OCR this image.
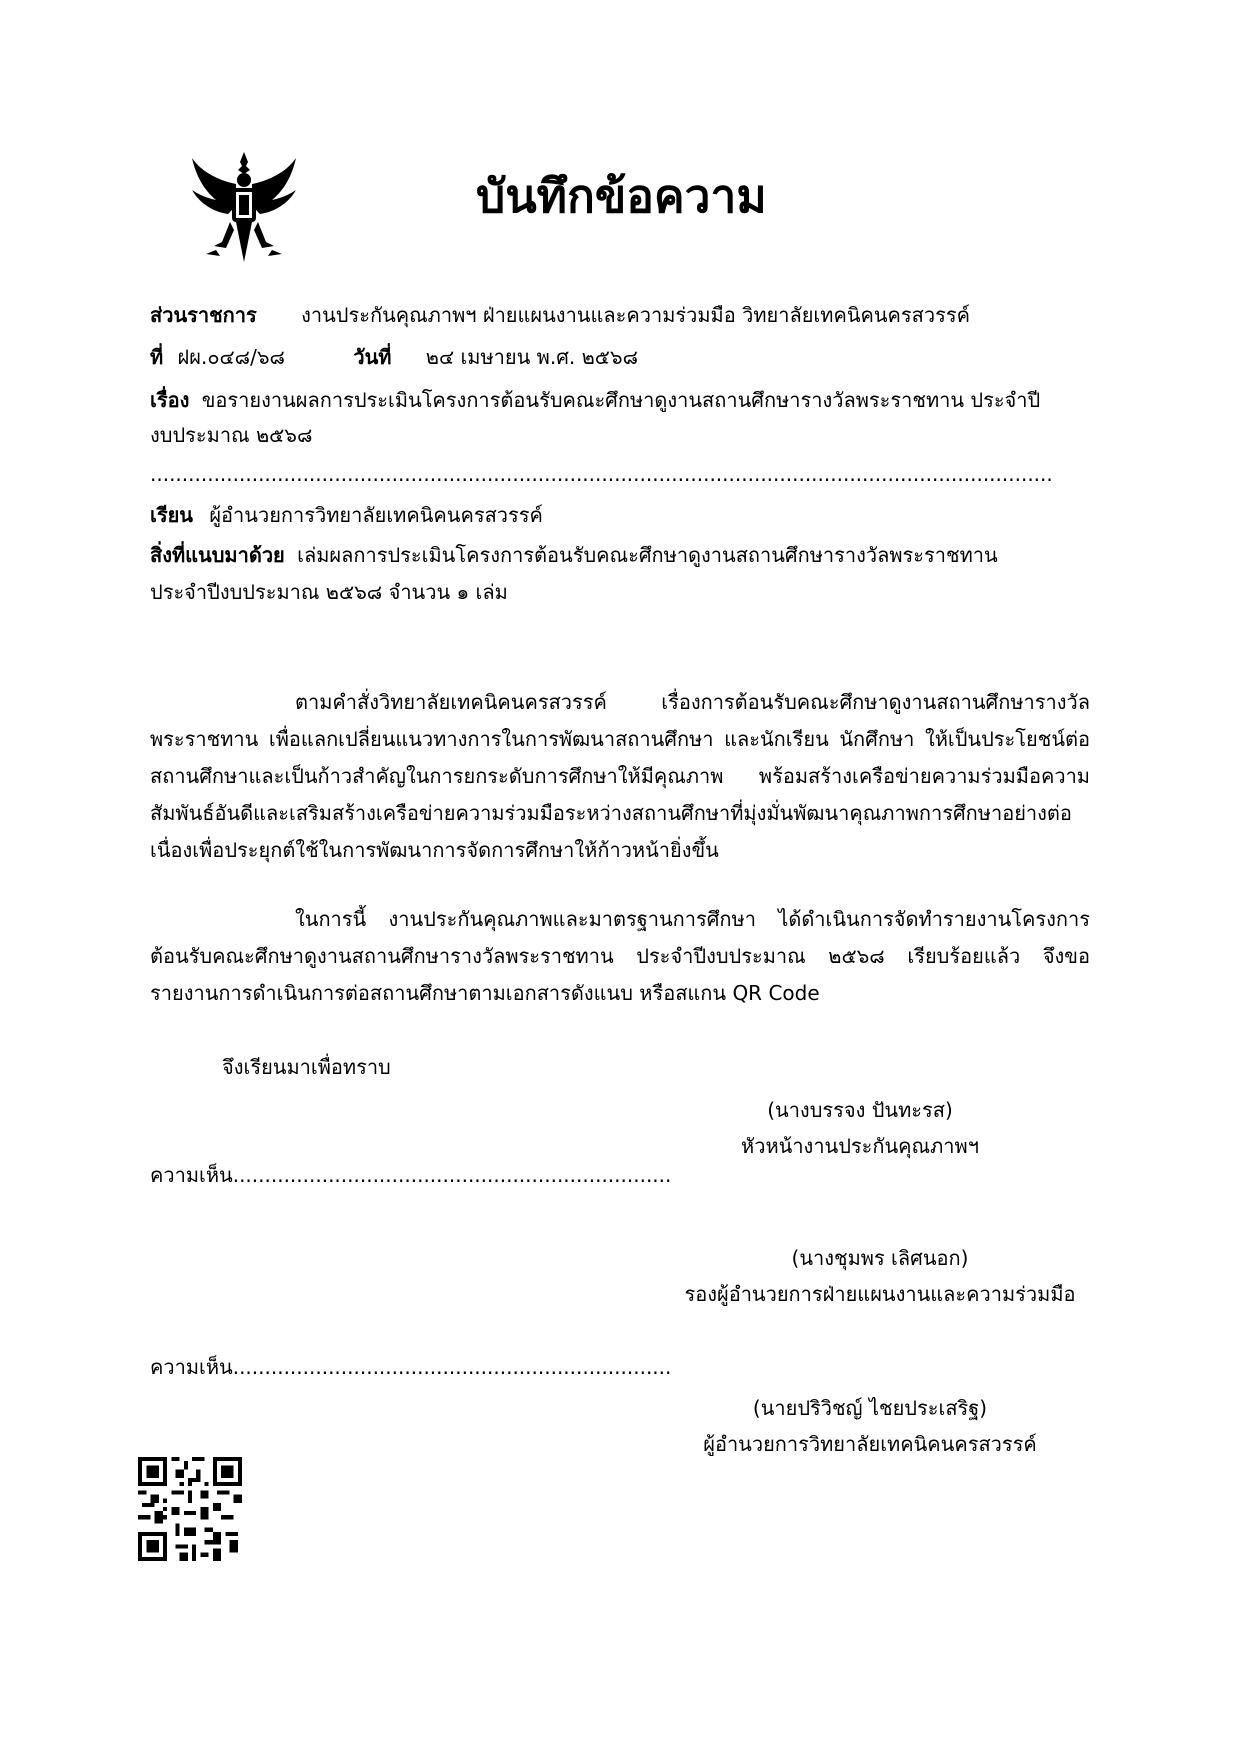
บันทึกข้อความ
ส่วนราชการ งานประกันคุณภาพฯ ฝ่ายแผนงานและความร่วมมือ วิทยาลัยเทคนิคนครสวรรค์
ที่ ฝผ.๐๔๘/๖๘	วันที่ ๒๔ เมษายน พ.ศ. ๒๕๖๘
เรื่อง ขอรายงานผลการประเมินโครงการต้อนรับคณะศึกษาดูงานสถานศึกษารางวัลพระราชทาน ประจำปี
งบประมาณ ๒๕๖๘
..............................................................................................................................................
เรียน ผู้อำนวยการวิทยาลัยเทคนิคนครสวรรค์
สิ่งที่แนบมาด้วย เล่มผลการประเมินโครงการต้อนรับคณะศึกษาดูงานสถานศึกษารางวัลพระราชทาน
ประจำปีงบประมาณ ๒๕๖๘ จำนวน ๑ เล่ม
ตามคำสั่งวิทยาลัยเทคนิคนครสวรรค์ เรื่องการต้อนรับคณะศึกษาดูงานสถานศึกษารางวัลพระราชทาน เพื่อแลกเปลี่ยนแนวทางการในการพัฒนาสถานศึกษา และนักเรียน นักศึกษา ให้เป็นประโยชน์ต่อสถานศึกษาและเป็นก้าวสำคัญในการยกระดับการศึกษาให้มีคุณภาพ พร้อมสร้างเครือข่ายความร่วมมือความสัมพันธ์อันดีและเสริมสร้างเครือข่ายความร่วมมือระหว่างสถานศึกษาที่มุ่งมั่นพัฒนาคุณภาพการศึกษาอย่างต่อเนื่องเพื่อประยุกต์ใช้ในการพัฒนาการจัดการศึกษาให้ก้าวหน้ายิ่งขึ้น
ในการนี้ งานประกันคุณภาพและมาตรฐานการศึกษา ได้ดำเนินการจัดทำรายงานโครงการต้อนรับคณะศึกษาดูงานสถานศึกษารางวัลพระราชทาน ประจำปีงบประมาณ ๒๕๖๘ เรียบร้อยแล้ว จึงขอรายงานการดำเนินการต่อสถานศึกษาตามเอกสารดังแนบ หรือสแกน QR Code
จึงเรียนมาเพื่อทราบ
(นางบรรจง ปันทะรส)
หัวหน้างานประกันคุณภาพฯ
ความเห็น.....................................................................
(นางชุมพร เลิศนอก)
รองผู้อำนวยการฝ่ายแผนงานและความร่วมมือ
ความเห็น.....................................................................
(นายปริวิชญ์ ไชยประเสริฐ)
ผู้อำนวยการวิทยาลัยเทคนิคนครสวรรค์
